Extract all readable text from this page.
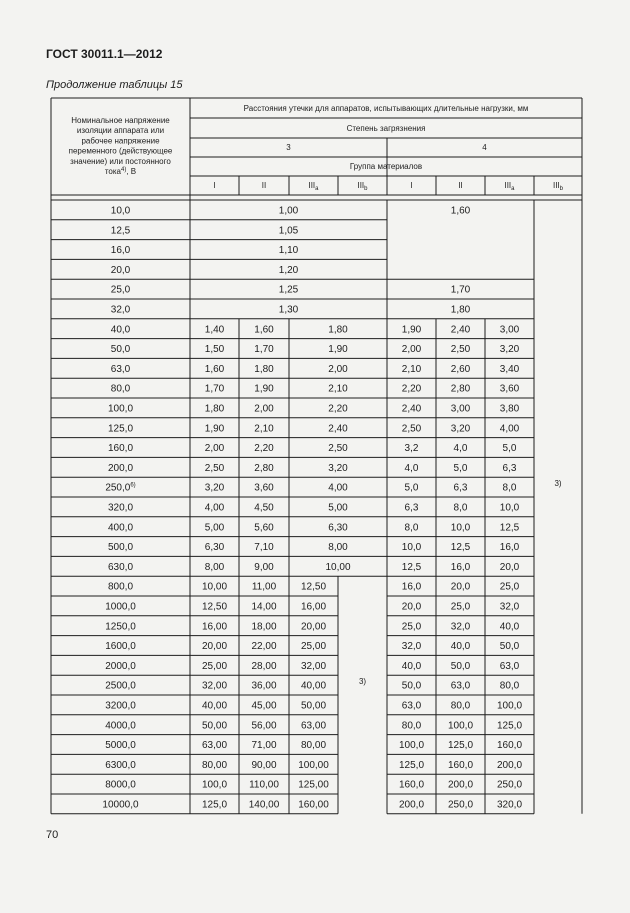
ГОСТ 30011.1—2012
Продолжение таблицы 15
Номинальное напряжение
изоляции аппарата или
рабочее напряжение
переменного (действующее
значение) или постоянного
тока$^{4)}$, В
Расстояния утечки для аппаратов, испытывающих длительные нагрузки, мм
Степень загрязнения
3	4
Группа материалов
I	II	$III_a$	$III_b$	I	II	$III_a$	$III_b$
10,0	1,00	1,60
12,5	1,05
16,0	1,10
20,0	1,20
25,0	1,25	1,70
32,0	1,30	1,80
40,0	1,40	1,60	1,80	1,90	2,40	3,00
50,0	1,50	1,70	1,90	2,00	2,50	3,20
63,0	1,60	1,80	2,00	2,10	2,60	3,40
80,0	1,70	1,90	2,10	2,20	2,80	3,60
100,0	1,80	2,00	2,20	2,40	3,00	3,80
125,0	1,90	2,10	2,40	2,50	3,20	4,00
160,0	2,00	2,20	2,50	3,2	4,0	5,0
200,0	2,50	2,80	3,20	4,0	5,0	6,3
250,0$^{6)}$	3,20	3,60	4,00	5,0	6,3	8,0
320,0	4,00	4,50	5,00	6,3	8,0	10,0
400,0	5,00	5,60	6,30	8,0	10,0	12,5
500,0	6,30	7,10	8,00	10,0	12,5	16,0
630,0	8,00	9,00	10,00	12,5	16,0	20,0
800,0	10,00 11,00 12,50	16,0	20,0	25,0
1000,0	12,50 14,00 16,00	20,0	25,0	32,0
1250,0	16,00 18,00 20,00	25,0	32,0	40,0
1600,0	20,00 22,00 25,00	32,0	40,0	50,0
2000,0	25,00 28,00 32,00	40,0	50,0	63,0
2500,0	32,00 36,00 40,00	50,0	63,0	80,0
3200,0	40,00 45,00 50,00	63,0	80,0	100,0
4000,0	50,00 56,00 63,00	80,0	100,0 125,0
5000,0	63,00 71,00 80,00	100,0 125,0 160,0
6300,0	80,00 90,00 100,00	125,0 160,0 200,0
8000,0	100,0 110,00 125,00	160,0 200,0 250,0
10000,0	125,0 140,00 160,00	200,0 250,0 320,0
3)
3)
70
